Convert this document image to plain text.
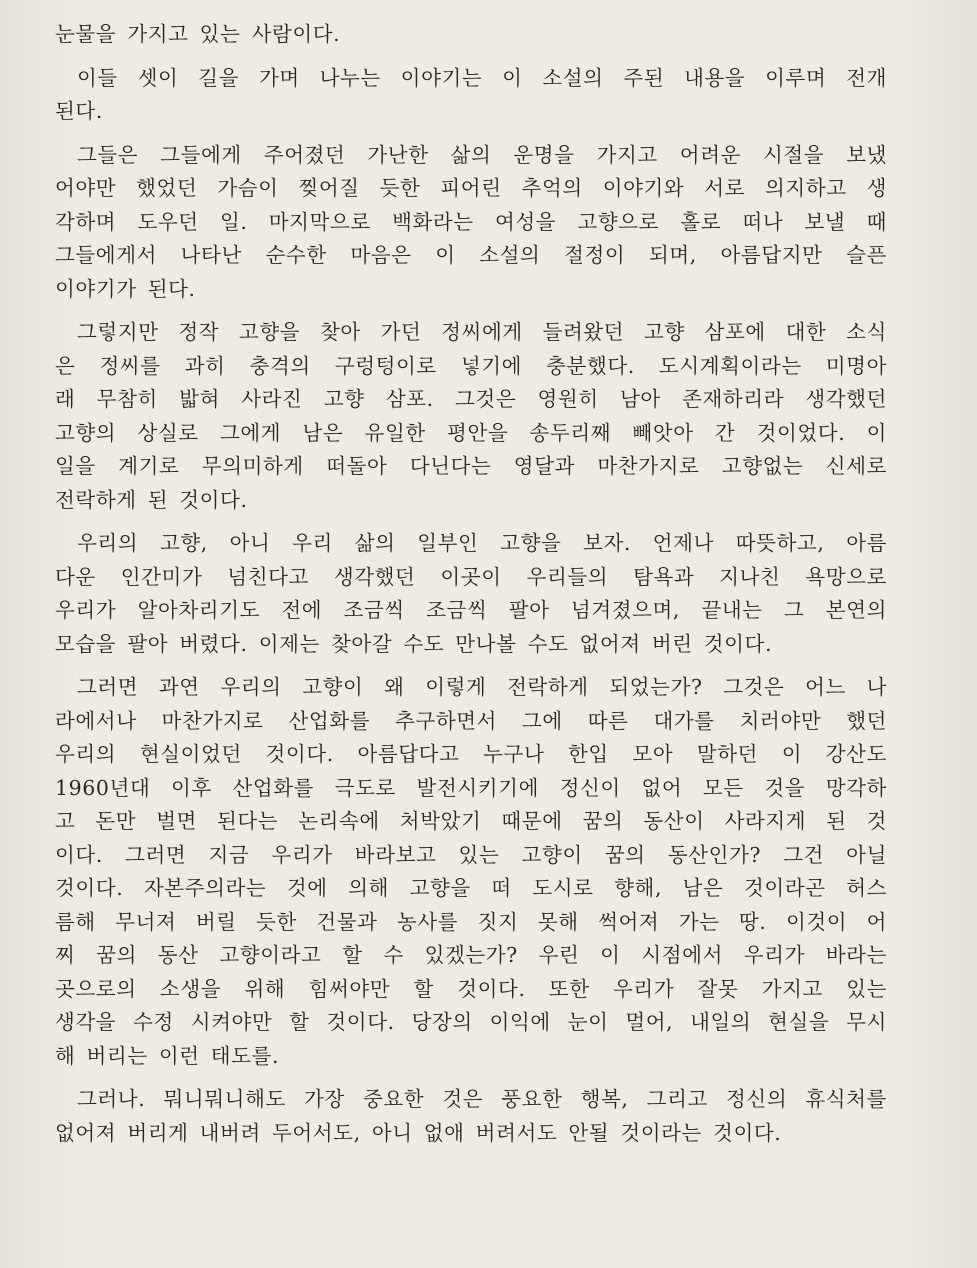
눈물을 가지고 있는 사람이다.
이들 셋이 길을 가며 나누는 이야기는 이 소설의 주된 내용을 이루며 전개
된다.
그들은 그들에게 주어졌던 가난한 삶의 운명을 가지고 어려운 시절을 보냈
어야만 했었던 가슴이 찢어질 듯한 피어린 추억의 이야기와 서로 의지하고 생
각하며 도우던 일. 마지막으로 백화라는 여성을 고향으로 홀로 떠나 보낼 때
그들에게서 나타난 순수한 마음은 이 소설의 절정이 되며, 아름답지만 슬픈
이야기가 된다.
그렇지만 정작 고향을 찾아 가던 정씨에게 들려왔던 고향 삼포에 대한 소식
은 정씨를 과히 충격의 구렁텅이로 넣기에 충분했다. 도시계획이라는 미명아
래 무참히 밟혀 사라진 고향 삼포. 그것은 영원히 남아 존재하리라 생각했던
고향의 상실로 그에게 남은 유일한 평안을 송두리째 빼앗아 간 것이었다. 이
일을 계기로 무의미하게 떠돌아 다닌다는 영달과 마찬가지로 고향없는 신세로
전락하게 된 것이다.
우리의 고향, 아니 우리 삶의 일부인 고향을 보자. 언제나 따뜻하고, 아름
다운 인간미가 넘친다고 생각했던 이곳이 우리들의 탐욕과 지나친 욕망으로
우리가 알아차리기도 전에 조금씩 조금씩 팔아 넘겨졌으며, 끝내는 그 본연의
모습을 팔아 버렸다. 이제는 찾아갈 수도 만나볼 수도 없어져 버린 것이다.
그러면 과연 우리의 고향이 왜 이렇게 전락하게 되었는가? 그것은 어느 나
라에서나 마찬가지로 산업화를 추구하면서 그에 따른 대가를 치러야만 했던
우리의 현실이었던 것이다. 아름답다고 누구나 한입 모아 말하던 이 강산도
1960년대 이후 산업화를 극도로 발전시키기에 정신이 없어 모든 것을 망각하
고 돈만 벌면 된다는 논리속에 처박았기 때문에 꿈의 동산이 사라지게 된 것
이다. 그러면 지금 우리가 바라보고 있는 고향이 꿈의 동산인가? 그건 아닐
것이다. 자본주의라는 것에 의해 고향을 떠 도시로 향해, 남은 것이라곤 허스
름해 무너져 버릴 듯한 건물과 농사를 짓지 못해 썩어져 가는 땅. 이것이 어
찌 꿈의 동산 고향이라고 할 수 있겠는가? 우린 이 시점에서 우리가 바라는
곳으로의 소생을 위해 힘써야만 할 것이다. 또한 우리가 잘못 가지고 있는
생각을 수정 시켜야만 할 것이다. 당장의 이익에 눈이 멀어, 내일의 현실을 무시
해 버리는 이런 태도를.
그러나. 뭐니뭐니해도 가장 중요한 것은 풍요한 행복, 그리고 정신의 휴식처를
없어져 버리게 내버려 두어서도, 아니 없애 버려서도 안될 것이라는 것이다.
